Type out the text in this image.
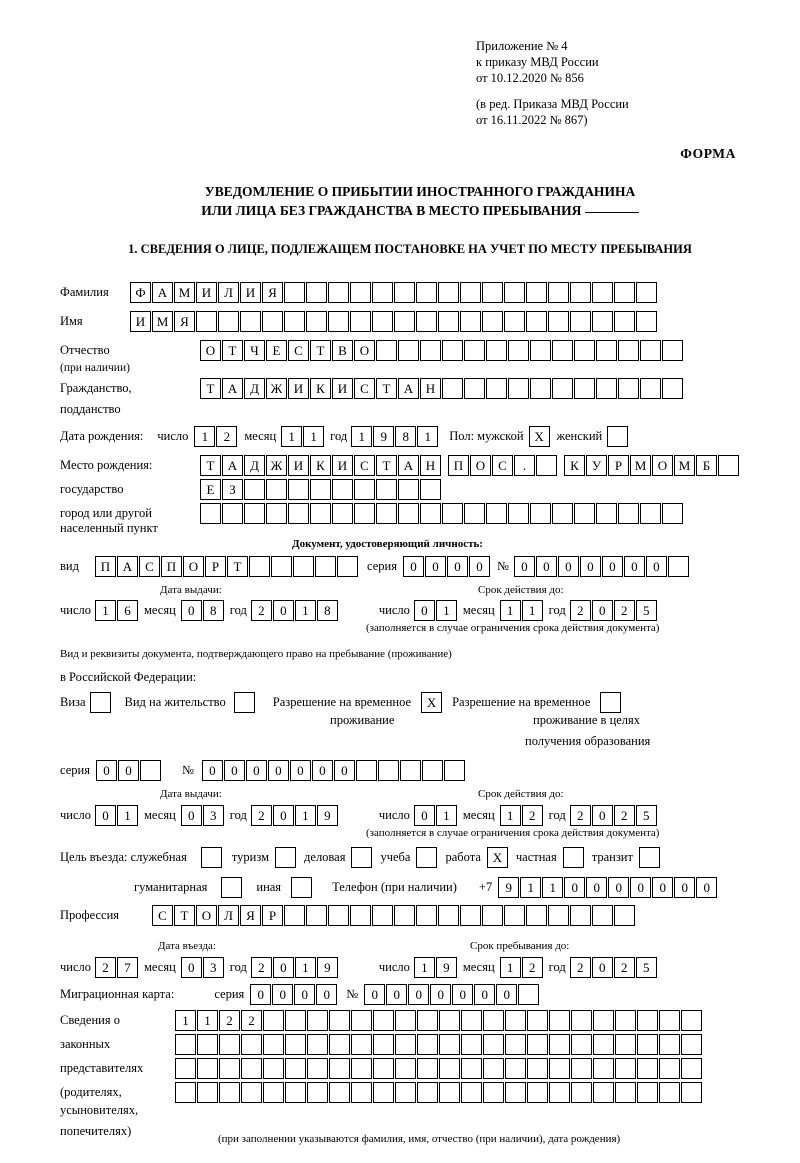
Приложение № 4
к приказу МВД России
от 10.12.2020 № 856
(в ред. Приказа МВД России
от 16.11.2022 № 867)
ФОРМА
УВЕДОМЛЕНИЕ О ПРИБЫТИИ ИНОСТРАННОГО ГРАЖДАНИНА
ИЛИ ЛИЦА БЕЗ ГРАЖДАНСТВА В МЕСТО ПРЕБЫВАНИЯ
1. СВЕДЕНИЯ О ЛИЦЕ, ПОДЛЕЖАЩЕМ ПОСТАНОВКЕ НА УЧЕТ ПО МЕСТУ ПРЕБЫВАНИЯ
Фамилия	Ф А М И Л И Я
Имя	И М Я
Отчество	О	Т	Ч	Е	С	Т	В О
(при наличии)
Гражданство,	Т	А Д Ж И К И С	Т	А Н
подданство
Дата рождения: число	1	2	месяц 1	1	год 1	9	8	1	Пол: мужской X	женский
Место рождения:	Т	А Д Ж И К И С	Т	А Н	П О С	.	К	У	Р М О М Б
государство	Е	З
город или другой
населенный пункт
Документ, удостоверяющий личность:
вид	П А С П О	Р	Т	серия	0	0	0	0	№ 0	0	0	0	0	0	0
Дата выдачи:	Срок действия до:
число 1	6	месяц 0	8	год 2	0	1	8	число 0	1	месяц 1	1	год 2	0	2	5
(заполняется в случае ограничения срока действия документа)
Вид и реквизиты документа, подтверждающего право на пребывание (проживание)
в Российской Федерации:
Виза	Вид на жительство	Разрешение на временное	X	Разрешение на временное
проживание	проживание в целях
получения образования
серия	0	0	№	0	0	0	0	0	0	0
Дата выдачи:	Срок действия до:
число 0	1	месяц 0	3	год 2	0	1	9	число 0	1	месяц 1	2	год 2	0	2	5
(заполняется в случае ограничения срока действия документа)
Цель въезда: служебная	туризм	деловая	учеба	работа X	частная	транзит
гуманитарная	иная	Телефон (при наличии) +7	9	1	1	0	0	0	0	0	0	0
Профессия	С	Т	О Л	Я	Р
Дата въезда:	Срок пребывания до:
число 2	7	месяц 0	3	год 2	0	1	9	число 1	9	месяц 1	2	год 2	0	2	5
Миграционная карта:	серия	0	0	0	0	№	0	0	0	0	0	0	0
Сведения о	1	1	2	2
законных
представителях
(родителях,
усыновителях,
попечителях)
(при заполнении указываются фамилия, имя, отчество (при наличии), дата рождения)
